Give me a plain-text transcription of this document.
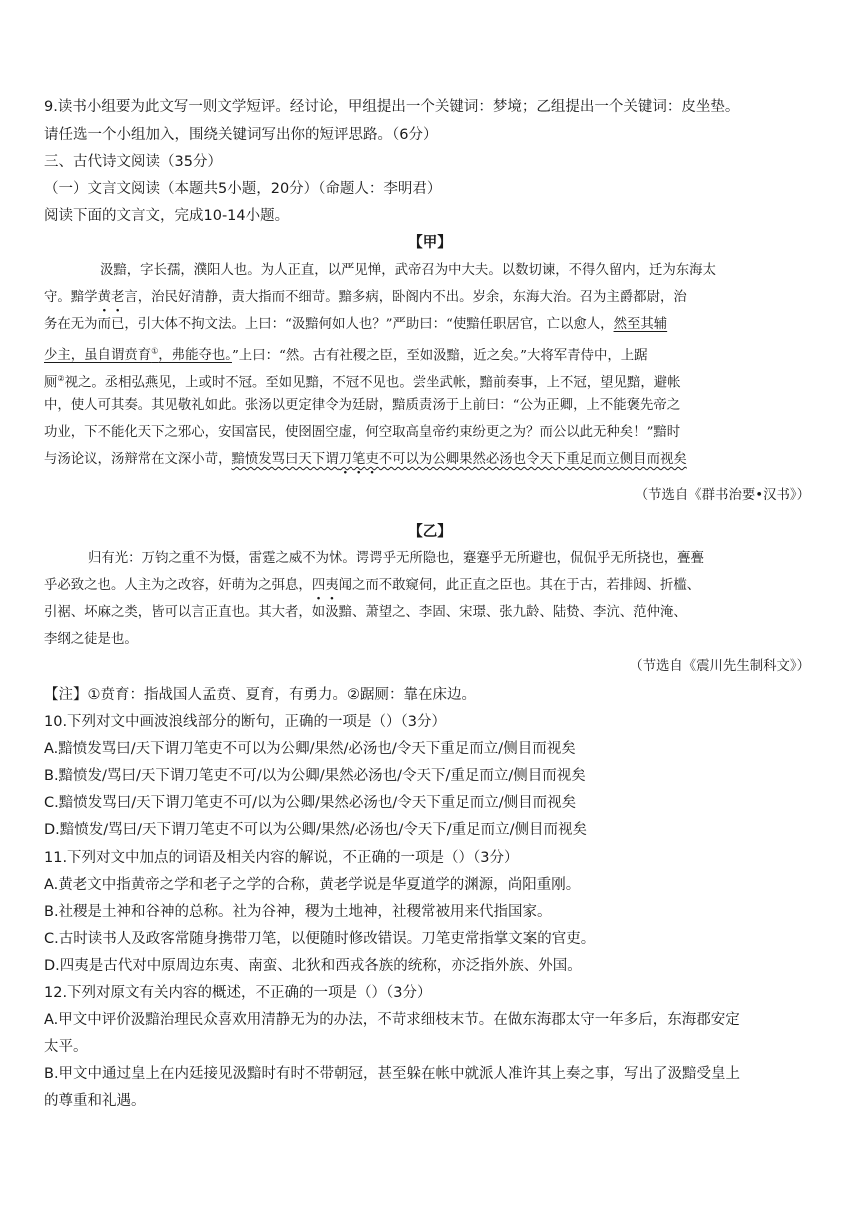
9.读书小组要为此文写一则文学短评。经讨论，甲组提出一个关键词：梦境；乙组提出一个关键词：皮坐垫。
请任选一个小组加入，围绕关键词写出你的短评思路。（6分）
三、古代诗文阅读（35分）
（一）文言文阅读（本题共5小题，20分）（命题人：李明君）
阅读下面的文言文，完成10-14小题。
【甲】
汲黯，字长孺，濮阳人也。为人正直，以严见惮，武帝召为中大夫。以数切谏，不得久留内，迁为东海太
守。黯学黄老言，治民好清静，责大指而不细苛。黯多病，卧阁内不出。岁余，东海大治。召为主爵都尉，治
务在无为而已，引大体不拘文法。上曰：“汲黯何如人也？”严助曰：“使黯任职居官，亡以愈人，然至其辅
少主，虽自谓贲育①，弗能夺也。”上曰：“然。古有社稷之臣，至如汲黯，近之矣。”大将军青侍中，上踞
厕②视之。丞相弘燕见，上或时不冠。至如见黯，不冠不见也。尝坐武帐，黯前奏事，上不冠，望见黯，避帐
中，使人可其奏。其见敬礼如此。张汤以更定律令为廷尉，黯质责汤于上前曰：“公为正卿，上不能褒先帝之
功业，下不能化天下之邪心，安国富民，使囹圄空虚，何空取高皇帝约束纷更之为？而公以此无种矣！”黯时
与汤论议，汤辩常在文深小苛，黯愤发骂曰天下谓刀笔吏不可以为公卿果然必汤也令天下重足而立侧目而视矣
（节选自《群书治要•汉书》）
【乙】
归有光：万钧之重不为慑，雷霆之威不为怵。谔谔乎无所隐也，蹇蹇乎无所避也，侃侃乎无所挠也，亹亹
乎必致之也。人主为之改容，奸萌为之弭息，四夷闻之而不敢窥伺，此正直之臣也。其在于古，若排闼、折槛、
引裾、坏麻之类，皆可以言正直也。其大者，如汲黯、萧望之、李固、宋璟、张九龄、陆贽、李沆、范仲淹、
李纲之徒是也。
（节选自《震川先生制科文》）
【注】①贲育：指战国人孟贲、夏育，有勇力。②踞厕：靠在床边。
10.下列对文中画波浪线部分的断句，正确的一项是（）（3分）
A.黯愤发骂曰/天下谓刀笔吏不可以为公卿/果然/必汤也/令天下重足而立/侧目而视矣
B.黯愤发/骂曰/天下谓刀笔吏不可/以为公卿/果然必汤也/令天下/重足而立/侧目而视矣
C.黯愤发骂曰/天下谓刀笔吏不可/以为公卿/果然必汤也/令天下重足而立/侧目而视矣
D.黯愤发/骂曰/天下谓刀笔吏不可以为公卿/果然/必汤也/令天下/重足而立/侧目而视矣
11.下列对文中加点的词语及相关内容的解说，不正确的一项是（）（3分）
A.黄老文中指黄帝之学和老子之学的合称，黄老学说是华夏道学的渊源，尚阳重刚。
B.社稷是土神和谷神的总称。社为谷神，稷为土地神，社稷常被用来代指国家。
C.古时读书人及政客常随身携带刀笔，以便随时修改错误。刀笔吏常指掌文案的官吏。
D.四夷是古代对中原周边东夷、南蛮、北狄和西戎各族的统称，亦泛指外族、外国。
12.下列对原文有关内容的概述，不正确的一项是（）（3分）
A.甲文中评价汲黯治理民众喜欢用清静无为的办法，不苛求细枝末节。在做东海郡太守一年多后，东海郡安定
太平。
B.甲文中通过皇上在内廷接见汲黯时有时不带朝冠，甚至躲在帐中就派人准许其上奏之事，写出了汲黯受皇上
的尊重和礼遇。
